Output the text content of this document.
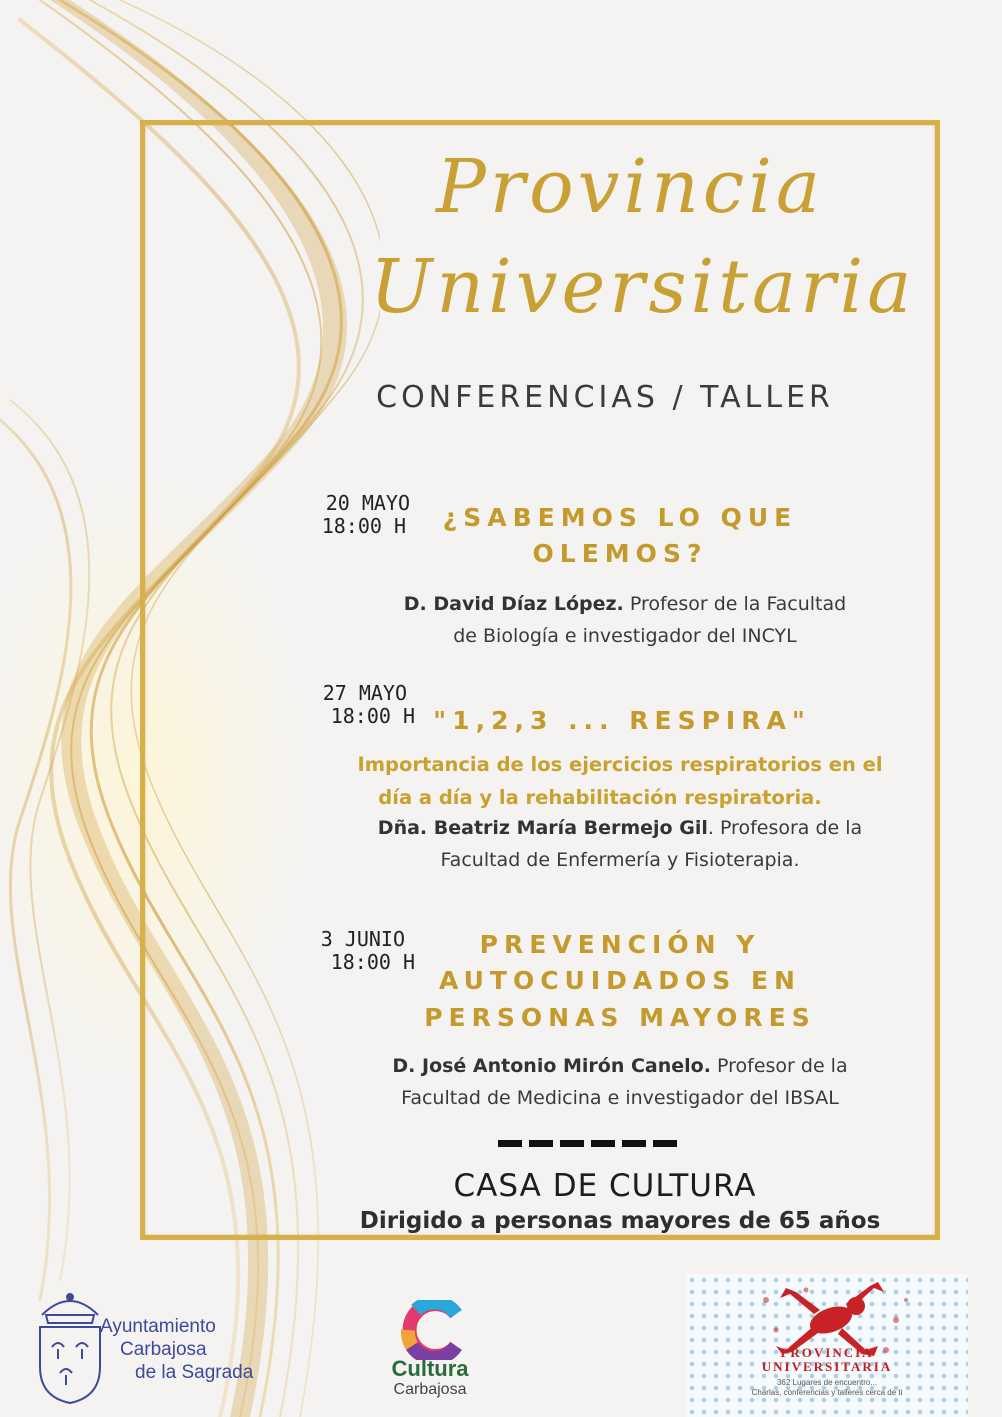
Provincia
Universitaria
CONFERENCIAS / TALLER
20 MAYO
18:00 H	¿SABEMOS LO QUE
OLEMOS?
D. David Díaz López. Profesor de la Facultad
de Biología e investigador del INCYL
27 MAYO
18:00 H "1,2,3 ... RESPIRA"
Importancia de los ejercicios respiratorios en el
día a día y la rehabilitación respiratoria.
Dña. Beatriz María Bermejo Gil. Profesora de la
Facultad de Enfermería y Fisioterapia.
3 JUNIO
18:00 H
PREVENCIÓN Y
AUTOCUIDADOS EN
PERSONAS MAYORES
D. José Antonio Mirón Canelo. Profesor de la
Facultad de Medicina e investigador del IBSAL
CASA DE CULTURA
Dirigido a personas mayores de 65 años
Ayuntamiento
Carbajosa
de la Sagrada	Cultura
Carbajosa
PROVINCIA
UNIVERSITARIA
362 Lugares de encuentro...
Charlas, conferencias y talleres cerca de ti
